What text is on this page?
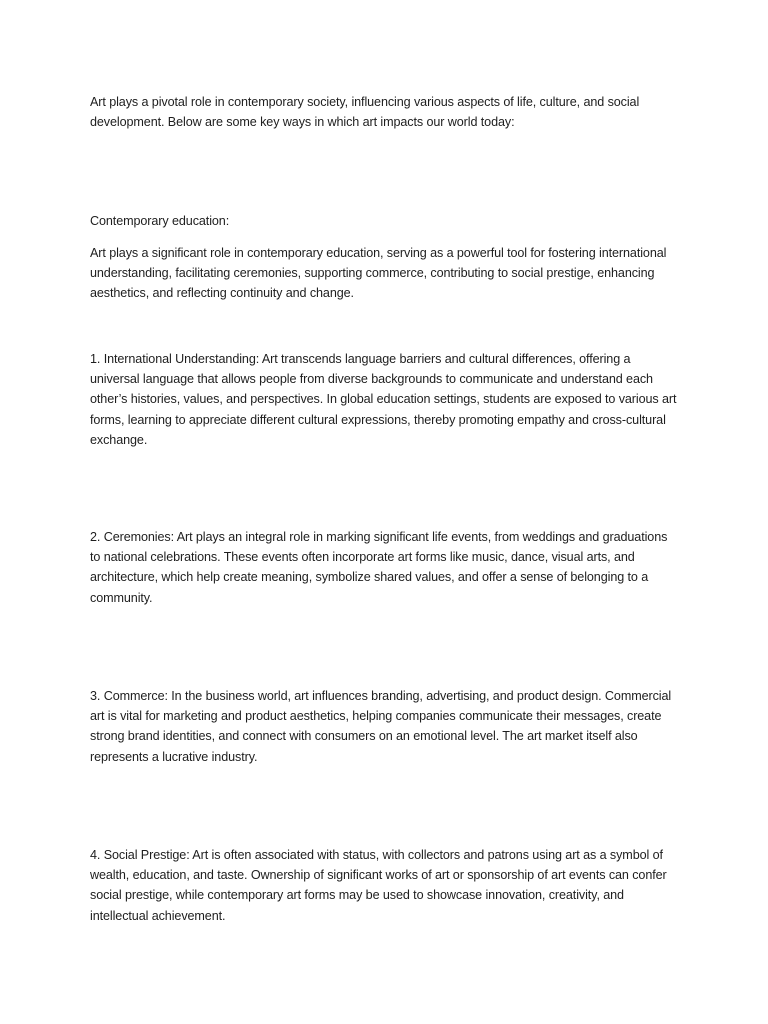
Art plays a pivotal role in contemporary society, influencing various aspects of life, culture, and social development. Below are some key ways in which art impacts our world today:

Contemporary education:

Art plays a significant role in contemporary education, serving as a powerful tool for fostering international understanding, facilitating ceremonies, supporting commerce, contributing to social prestige, enhancing aesthetics, and reflecting continuity and change.

1. International Understanding: Art transcends language barriers and cultural differences, offering a universal language that allows people from diverse backgrounds to communicate and understand each other’s histories, values, and perspectives. In global education settings, students are exposed to various art forms, learning to appreciate different cultural expressions, thereby promoting empathy and cross-cultural exchange.

2. Ceremonies: Art plays an integral role in marking significant life events, from weddings and graduations to national celebrations. These events often incorporate art forms like music, dance, visual arts, and architecture, which help create meaning, symbolize shared values, and offer a sense of belonging to a community.

3. Commerce: In the business world, art influences branding, advertising, and product design. Commercial art is vital for marketing and product aesthetics, helping companies communicate their messages, create strong brand identities, and connect with consumers on an emotional level. The art market itself also represents a lucrative industry.

4. Social Prestige: Art is often associated with status, with collectors and patrons using art as a symbol of wealth, education, and taste. Ownership of significant works of art or sponsorship of art events can confer social prestige, while contemporary art forms may be used to showcase innovation, creativity, and intellectual achievement.
